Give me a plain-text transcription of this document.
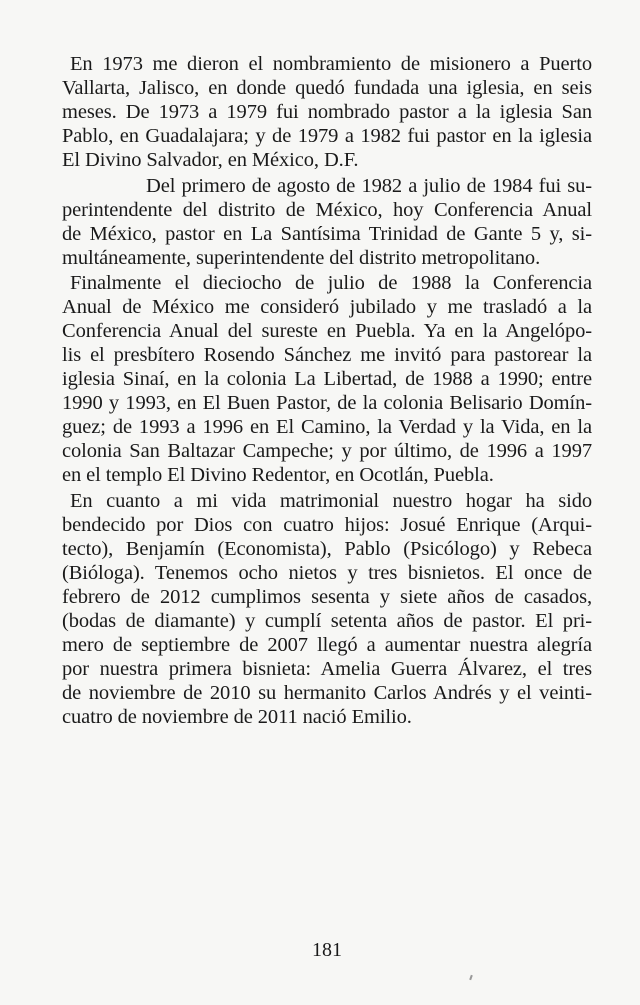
En 1973 me dieron el nombramiento de misionero a Puerto
Vallarta, Jalisco, en donde quedó fundada una iglesia, en seis
meses. De 1973 a 1979 fui nombrado pastor a la iglesia San
Pablo, en Guadalajara; y de 1979 a 1982 fui pastor en la iglesia
El Divino Salvador, en México, D.F.
Del primero de agosto de 1982 a julio de 1984 fui su-
perintendente del distrito de México, hoy Conferencia Anual
de México, pastor en La Santísima Trinidad de Gante 5 y, si-
multáneamente, superintendente del distrito metropolitano.
Finalmente el dieciocho de julio de 1988 la Conferencia
Anual de México me consideró jubilado y me trasladó a la
Conferencia Anual del sureste en Puebla. Ya en la Angelópo-
lis el presbítero Rosendo Sánchez me invitó para pastorear la
iglesia Sinaí, en la colonia La Libertad, de 1988 a 1990; entre
1990 y 1993, en El Buen Pastor, de la colonia Belisario Domín-
guez; de 1993 a 1996 en El Camino, la Verdad y la Vida, en la
colonia San Baltazar Campeche; y por último, de 1996 a 1997
en el templo El Divino Redentor, en Ocotlán, Puebla.
En cuanto a mi vida matrimonial nuestro hogar ha sido
bendecido por Dios con cuatro hijos: Josué Enrique (Arqui-
tecto), Benjamín (Economista), Pablo (Psicólogo) y Rebeca
(Bióloga). Tenemos ocho nietos y tres bisnietos. El once de
febrero de 2012 cumplimos sesenta y siete años de casados,
(bodas de diamante) y cumplí setenta años de pastor. El pri-
mero de septiembre de 2007 llegó a aumentar nuestra alegría
por nuestra primera bisnieta: Amelia Guerra Álvarez, el tres
de noviembre de 2010 su hermanito Carlos Andrés y el veinti-
cuatro de noviembre de 2011 nació Emilio.
181
